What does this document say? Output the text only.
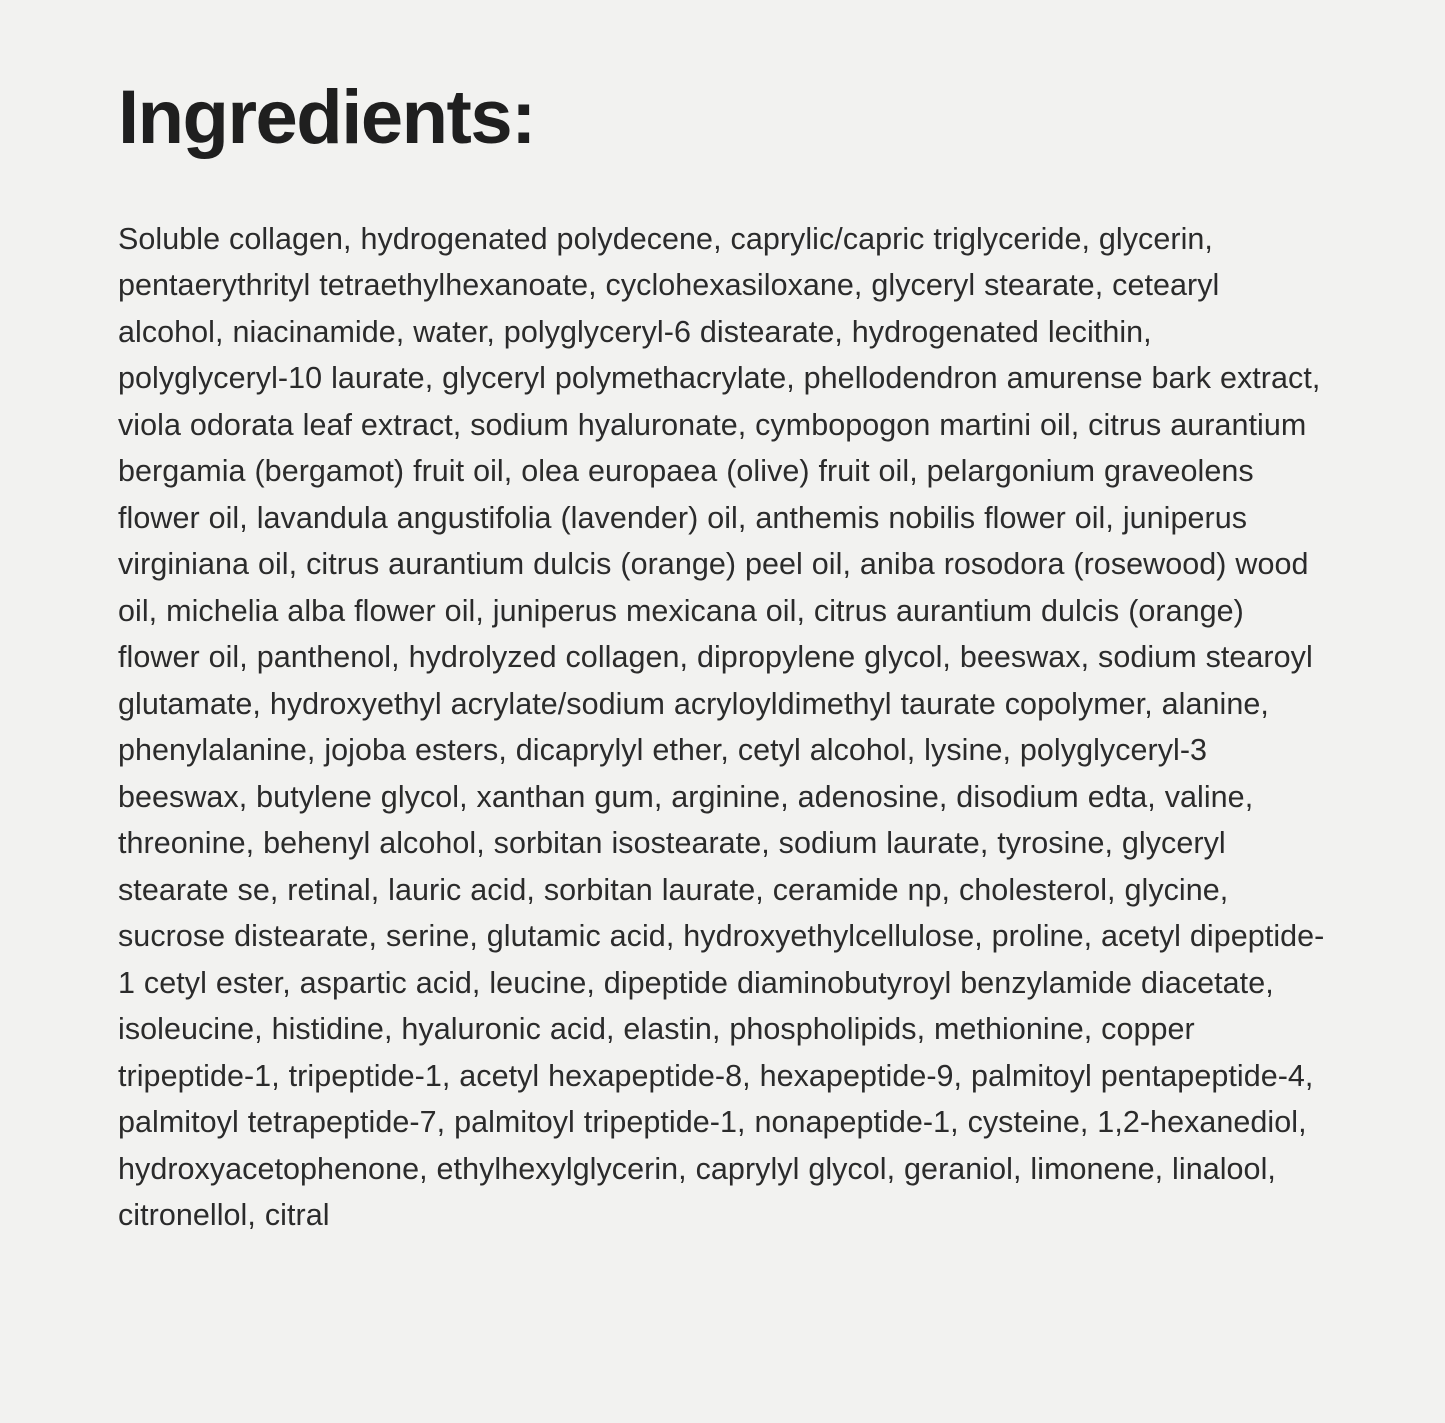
Ingredients:

Soluble collagen, hydrogenated polydecene, caprylic/capric triglyceride, glycerin, pentaerythrityl tetraethylhexanoate, cyclohexasiloxane, glyceryl stearate, cetearyl alcohol, niacinamide, water, polyglyceryl-6 distearate, hydrogenated lecithin, polyglyceryl-10 laurate, glyceryl polymethacrylate, phellodendron amurense bark extract, viola odorata leaf extract, sodium hyaluronate, cymbopogon martini oil, citrus aurantium bergamia (bergamot) fruit oil, olea europaea (olive) fruit oil, pelargonium graveolens flower oil, lavandula angustifolia (lavender) oil, anthemis nobilis flower oil, juniperus virginiana oil, citrus aurantium dulcis (orange) peel oil, aniba rosodora (rosewood) wood oil, michelia alba flower oil, juniperus mexicana oil, citrus aurantium dulcis (orange) flower oil, panthenol, hydrolyzed collagen, dipropylene glycol, beeswax, sodium stearoyl glutamate, hydroxyethyl acrylate/sodium acryloyldimethyl taurate copolymer, alanine, phenylalanine, jojoba esters, dicaprylyl ether, cetyl alcohol, lysine, polyglyceryl-3 beeswax, butylene glycol, xanthan gum, arginine, adenosine, disodium edta, valine, threonine, behenyl alcohol, sorbitan isostearate, sodium laurate, tyrosine, glyceryl stearate se, retinal, lauric acid, sorbitan laurate, ceramide np, cholesterol, glycine, sucrose distearate, serine, glutamic acid, hydroxyethylcellulose, proline, acetyl dipeptide-1 cetyl ester, aspartic acid, leucine, dipeptide diaminobutyroyl benzylamide diacetate, isoleucine, histidine, hyaluronic acid, elastin, phospholipids, methionine, copper tripeptide-1, tripeptide-1, acetyl hexapeptide-8, hexapeptide-9, palmitoyl pentapeptide-4, palmitoyl tetrapeptide-7, palmitoyl tripeptide-1, nonapeptide-1, cysteine, 1,2-hexanediol, hydroxyacetophenone, ethylhexylglycerin, caprylyl glycol, geraniol, limonene, linalool, citronellol, citral
